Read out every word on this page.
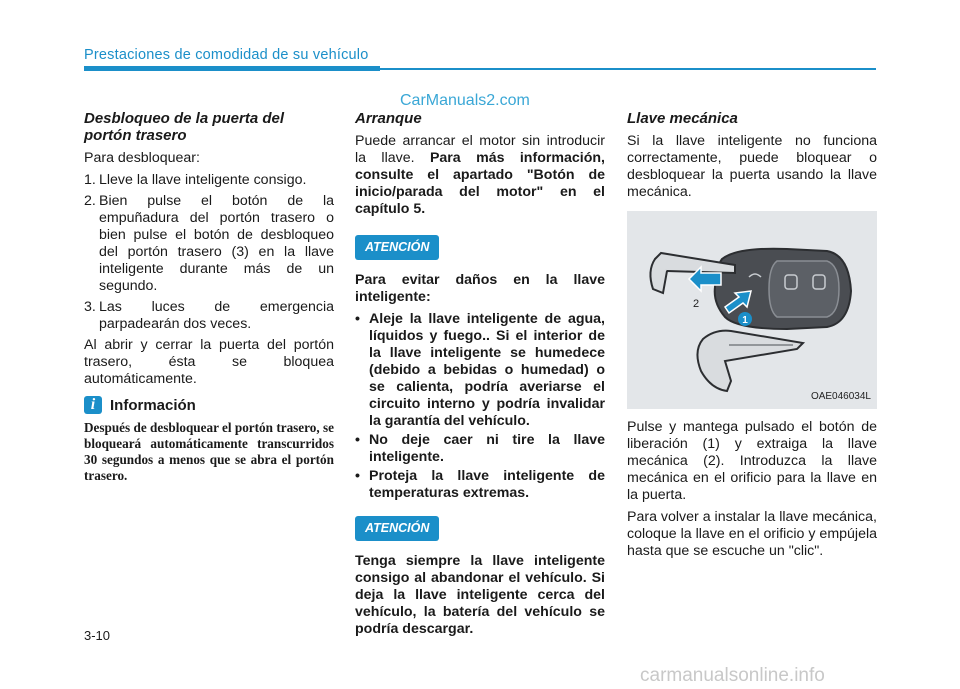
Prestaciones de comodidad de su vehículo
CarManuals2.com
Desbloqueo de la puerta del portón trasero

Para desbloquear:

1. Lleve la llave inteligente consigo.
2. Bien pulse el botón de la empuñadura del portón trasero o bien pulse el botón de desbloqueo del portón trasero (3) en la llave inteligente durante más de un segundo.
3. Las luces de emergencia parpadearán dos veces.

Al abrir y cerrar la puerta del portón trasero, ésta se bloquea automáticamente.

i Información
Después de desbloquear el portón trasero, se bloqueará automáticamente transcurridos 30 segundos a menos que se abra el portón trasero.
Arranque

Puede arrancar el motor sin introducir la llave. Para más información, consulte el apartado "Botón de inicio/parada del motor" en el capítulo 5.

ATENCIÓN

Para evitar daños en la llave inteligente:

• Aleje la llave inteligente de agua, líquidos y fuego.. Si el interior de la llave inteligente se humedece (debido a bebidas o humedad) o se calienta, podría averiarse el circuito interno y podría invalidar la garantía del vehículo.
• No deje caer ni tire la llave inteligente.
• Proteja la llave inteligente de temperaturas extremas.
ATENCIÓN

Tenga siempre la llave inteligente consigo al abandonar el vehículo. Si deja la llave inteligente cerca del vehículo, la batería del vehículo se podría descargar.

Llave mecánica

Si la llave inteligente no funciona correctamente, puede bloquear o desbloquear la puerta usando la llave mecánica.

1
2
OAE046034L

Pulse y mantega pulsado el botón de liberación (1) y extraiga la llave mecánica (2). Introduzca la llave mecánica en el orificio para la llave en la puerta.

Para volver a instalar la llave mecánica, coloque la llave en el orificio y empújela hasta que se escuche un "clic".

3-10
carmanualsonline.info
